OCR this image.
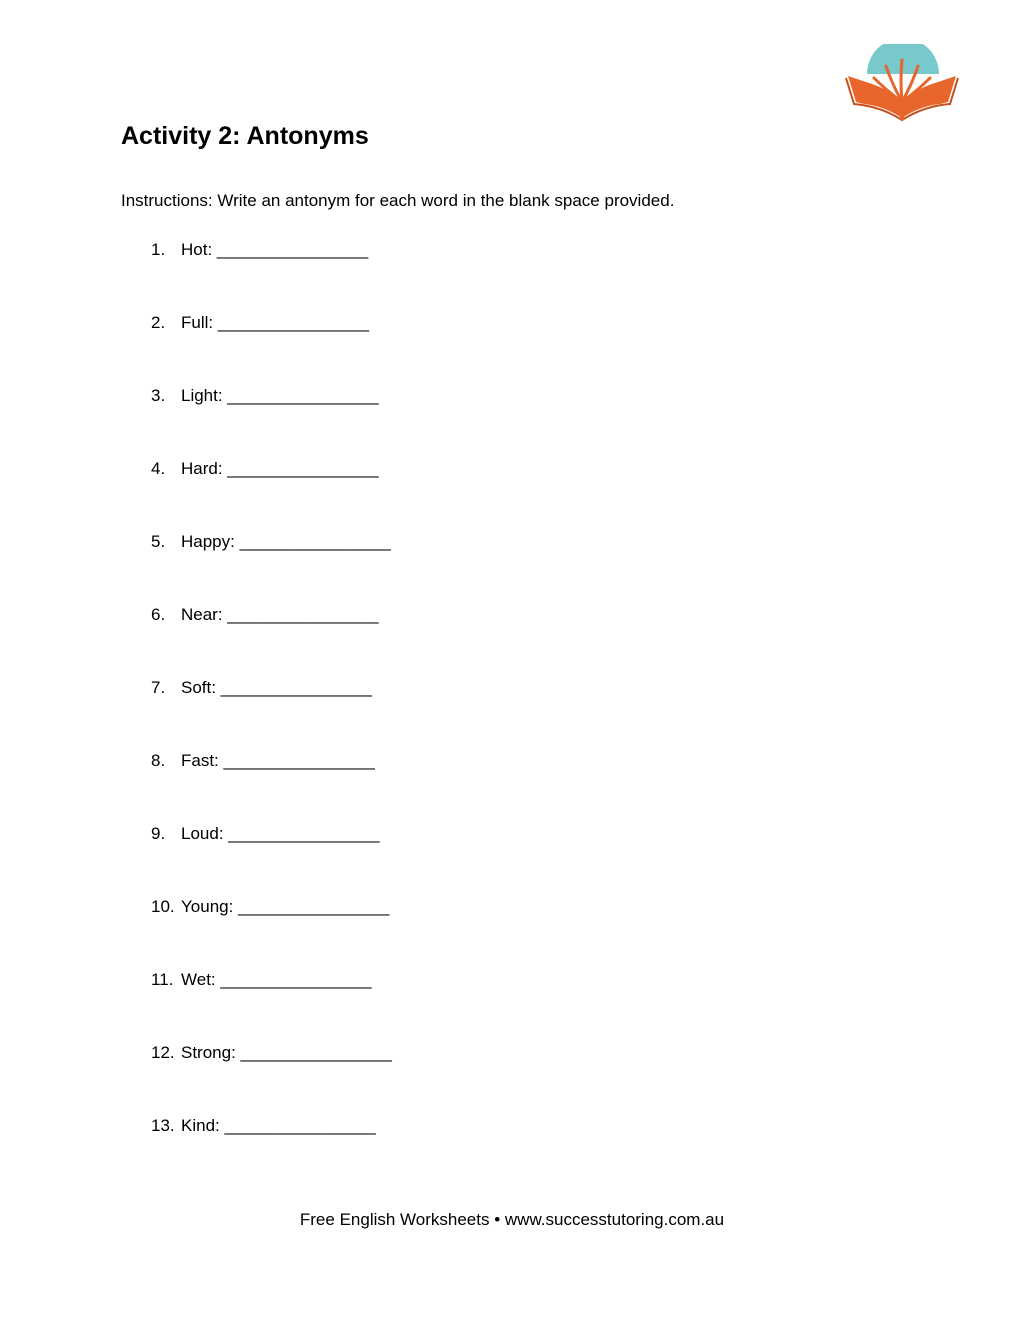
Activity 2: Antonyms

Instructions: Write an antonym for each word in the blank space provided.

1. Hot: ________________
2. Full: ________________
3. Light: ________________
4. Hard: ________________
5. Happy: ________________
6. Near: ________________
7. Soft: ________________
8. Fast: ________________
9. Loud: ________________
10. Young: ________________
11. Wet: ________________
12. Strong: ________________
13. Kind: ________________
Free English Worksheets • www.successtutoring.com.au
